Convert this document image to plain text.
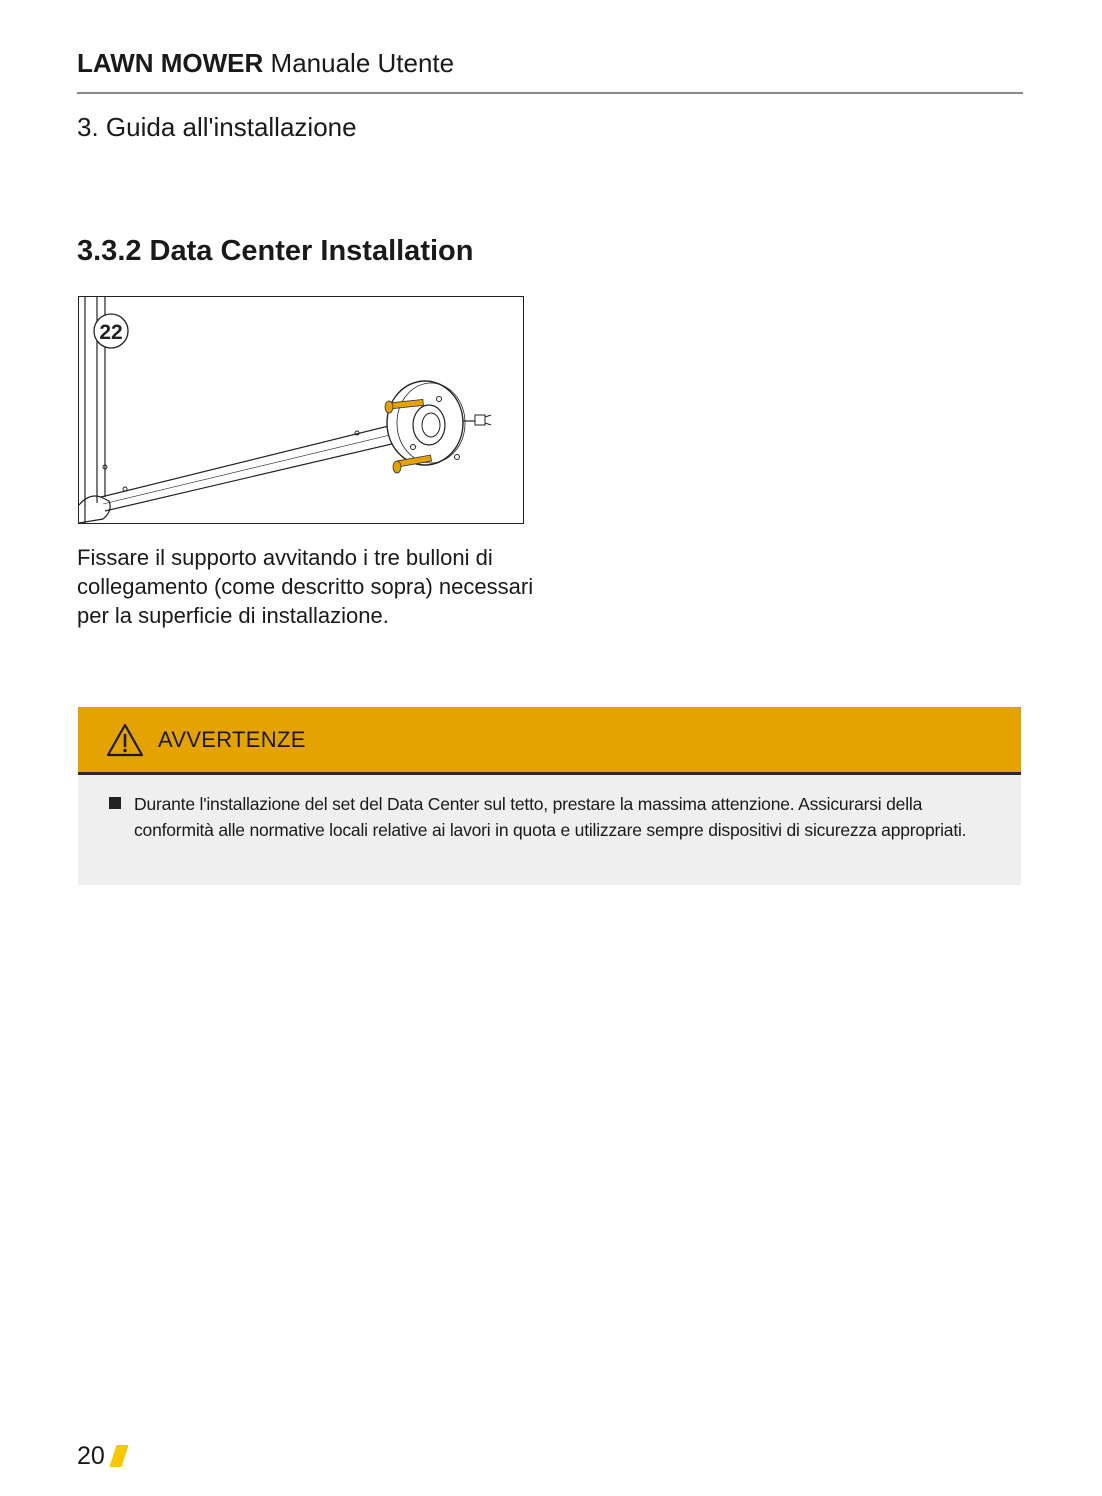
LAWN MOWER Manuale Utente
3. Guida all'installazione
3.3.2 Data Center Installation
22
Fissare il supporto avvitando i tre bulloni di collegamento (come descritto sopra) necessari per la superficie di installazione.
AVVERTENZE
Durante l'installazione del set del Data Center sul tetto, prestare la massima attenzione. Assicurarsi della conformità alle normative locali relative ai lavori in quota e utilizzare sempre dispositivi di sicurezza appropriati.
20
